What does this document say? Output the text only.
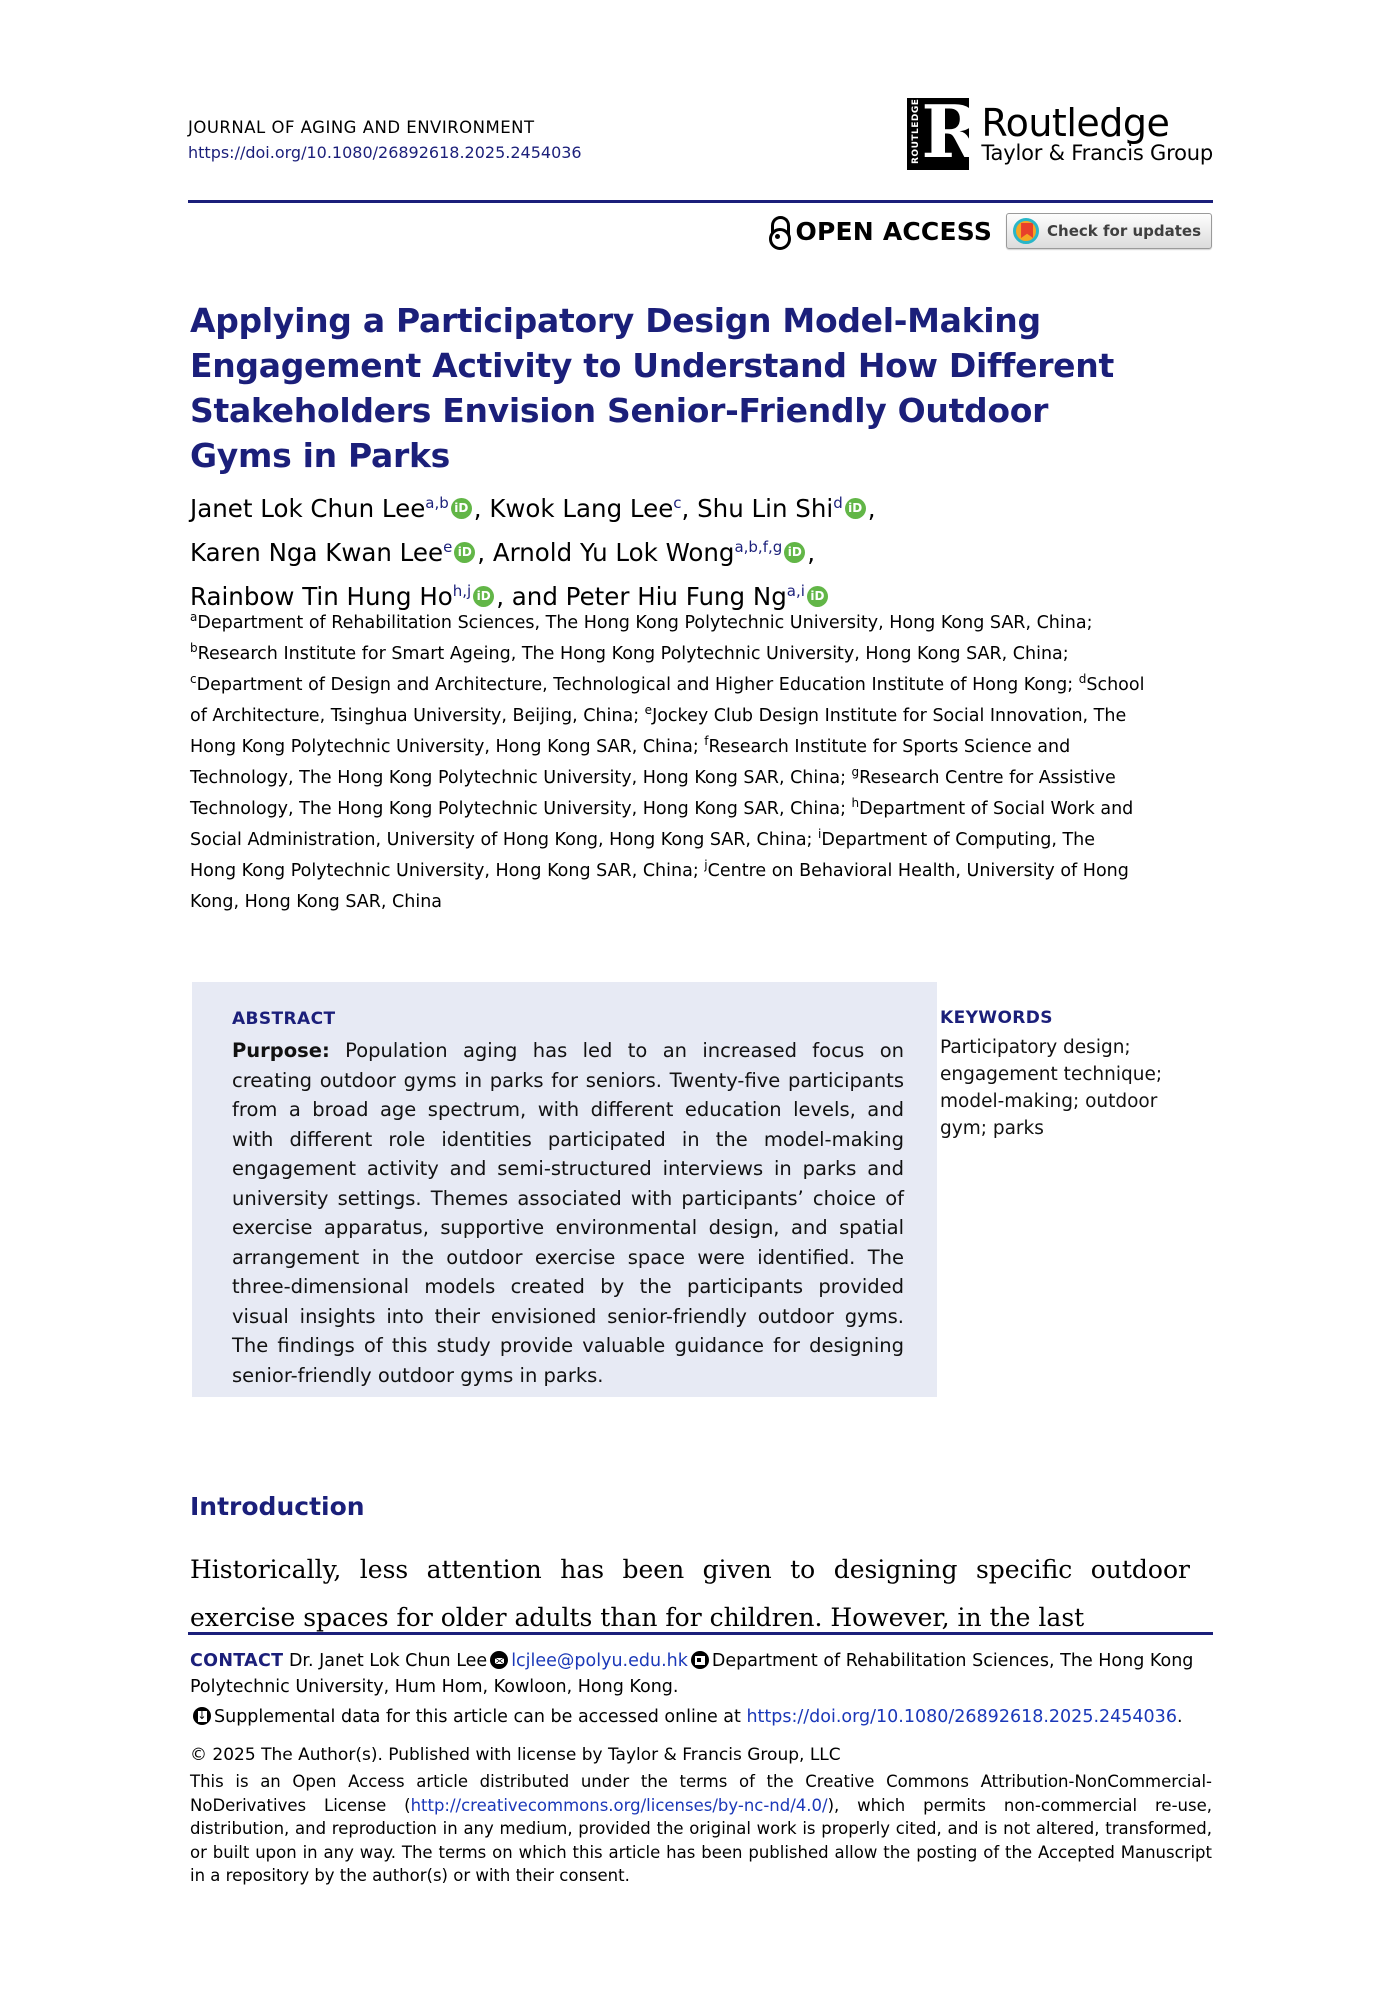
JOURNAL OF AGING AND ENVIRONMENT
https://doi.org/10.1080/26892618.2025.2454036	ROUTLEDGE R Routledge
Taylor & Francis Group
OPEN ACCESS	Check for updates
Applying a Participatory Design Model-Making Engagement Activity to Understand How Different Stakeholders Envision Senior-Friendly Outdoor Gyms in Parks
Janet Lok Chun Lee$^{a,b}$ iD , Kwok Lang Lee$^c$, Shu Lin Shi$^d$ iD ,
Karen Nga Kwan Lee$^e$ iD , Arnold Yu Lok Wong$^{a,b,f,g}$ iD ,
Rainbow Tin Hung Ho$^{h,j}$ iD , and Peter Hiu Fung Ng$^{a,i}$iD
$^a$Department of Rehabilitation Sciences, The Hong Kong Polytechnic University, Hong Kong SAR, China; $^b$Research Institute for Smart Ageing, The Hong Kong Polytechnic University, Hong Kong SAR, China; $^c$Department of Design and Architecture, Technological and Higher Education Institute of Hong Kong; $^d$School of Architecture, Tsinghua University, Beijing, China; $^e$Jockey Club Design Institute for Social Innovation, The Hong Kong Polytechnic University, Hong Kong SAR, China; $^f$Research Institute for Sports Science and Technology, The Hong Kong Polytechnic University, Hong Kong SAR, China; $^g$Research Centre for Assistive Technology, The Hong Kong Polytechnic University, Hong Kong SAR, China; $^h$Department of Social Work and Social Administration, University of Hong Kong, Hong Kong SAR, China; $^i$Department of Computing, The Hong Kong Polytechnic University, Hong Kong SAR, China; $^j$Centre on Behavioral Health, University of Hong Kong, Hong Kong SAR, China
ABSTRACT
Purpose: Population aging has led to an increased focus on creating outdoor gyms in parks for seniors. Twenty-five participants from a broad age spectrum, with different education levels, and with different role identities participated in the model-making engagement activity and semi-structured interviews in parks and university settings. Themes associated with participants’ choice of exercise apparatus, supportive environmental design, and spatial arrangement in the outdoor exercise space were identified. The three-dimensional models created by the participants provided visual insights into their envisioned senior-friendly outdoor gyms. The findings of this study provide valuable guidance for designing senior-friendly outdoor gyms in parks.
KEYWORDS
Participatory design; engagement technique; model-making; outdoor gym; parks
Introduction

Historically, less attention has been given to designing specific outdoor exercise spaces for older adults than for children. However, in the last

CONTACT Dr. Janet Lok Chun Lee lcjlee@polyu.edu.hk Department of Rehabilitation Sciences, The Hong Kong Polytechnic University, Hum Hom, Kowloon, Hong Kong.
↓Supplemental data for this article can be accessed online at https://doi.org/10.1080/26892618.2025.2454036.
© 2025 The Author(s). Published with license by Taylor & Francis Group, LLC
This is an Open Access article distributed under the terms of the Creative Commons Attribution-NonCommercial-NoDerivatives License (http://creativecommons.org/licenses/by-nc-nd/4.0/), which permits non-commercial re-use, distribution, and reproduction in any medium, provided the original work is properly cited, and is not altered, transformed, or built upon in any way. The terms on which this article has been published allow the posting of the Accepted Manuscript in a repository by the author(s) or with their consent.
